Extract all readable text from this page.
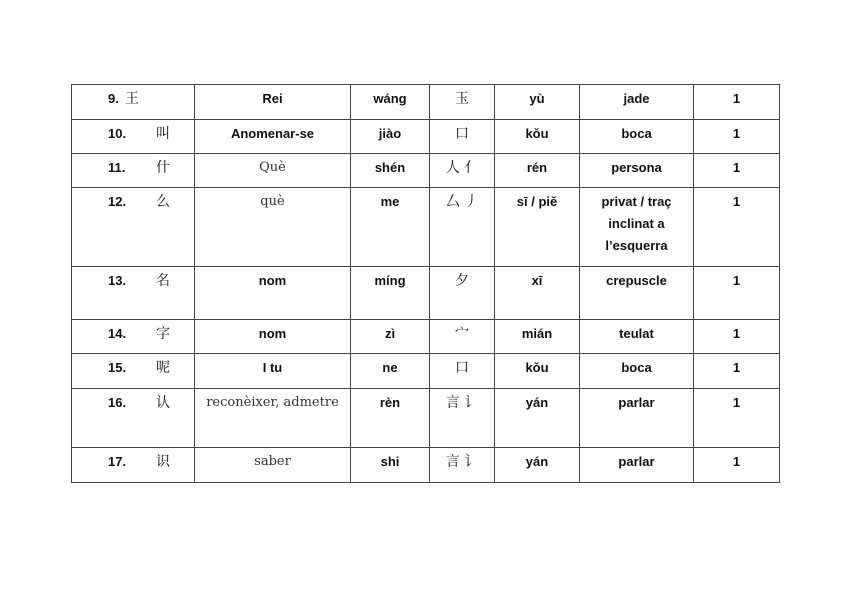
9. 王	Rei	wáng	玉	yù	jade	1
10. 叫	Anomenar-se	jiào	口	kǒu	boca	1
11. 什	Què	shén	人 亻	rén	persona	1
12. 么	què	me	厶 丿	sī / piě	privat / traç inclinat a l’esquerra	1
13. 名	nom	míng	夕	xī	crepuscle	1
14. 字	nom	zì	宀	mián	teulat	1
15. 呢	I tu	ne	口	kǒu	boca	1
16. 认	reconèixer, admetre	rèn	言 讠	yán	parlar	1
17. 识	saber	shi	言 讠	yán	parlar	1
